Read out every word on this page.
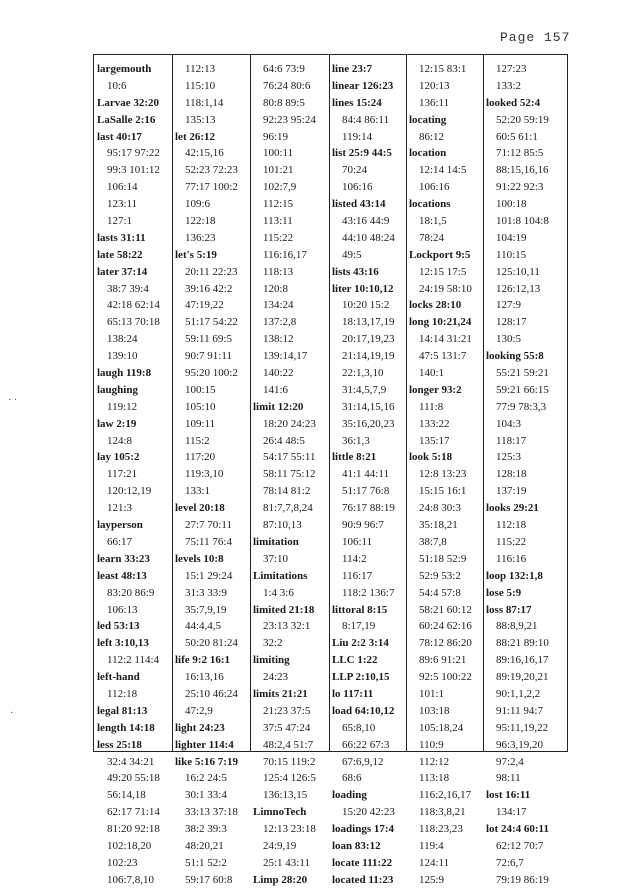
Page 157
largemouth
10:6
Larvae 32:20
LaSalle 2:16
last 40:17
95:17 97:22
99:3 101:12
106:14
123:11
127:1
lasts 31:11
late 58:22
later 37:14
38:7 39:4
42:18 62:14
65:13 70:18
138:24
139:10
laugh 119:8
laughing
119:12
law 2:19
124:8
lay 105:2
117:21
120:12,19
121:3
layperson
66:17
learn 33:23
least 48:13
83:20 86:9
106:13
led 53:13
left 3:10,13
112:2 114:4
left-hand
112:18
legal 81:13
length 14:18
less 25:18
32:4 34:21
49:20 55:18
56:14,18
62:17 71:14
81:20 92:18
102:18,20
102:23
106:7,8,10
112:13
115:10
118:1,14
135:13
let 26:12
42:15,16
52:23 72:23
77:17 100:2
109:6
122:18
136:23
let's 5:19
20:11 22:23
39:16 42:2
47:19,22
51:17 54:22
59:11 69:5
90:7 91:11
95:20 100:2
100:15
105:10
109:11
115:2
117:20
119:3,10
133:1
level 20:18
27:7 70:11
75:11 76:4
levels 10:8
15:1 29:24
31:3 33:9
35:7,9,19
44:4,4,5
50:20 81:24
life 9:2 16:1
16:13,16
25:10 46:24
47:2,9
light 24:23
lighter 114:4
like 5:16 7:19
16:2 24:5
30:1 33:4
33:13 37:18
38:2 39:3
48:20,21
51:1 52:2
59:17 60:8
64:6 73:9
76:24 80:6
80:8 89:5
92:23 95:24
96:19
100:11
101:21
102:7,9
112:15
113:11
115:22
116:16,17
118:13
120:8
134:24
137:2,8
138:12
139:14,17
140:22
141:6
limit 12:20
18:20 24:23
26:4 48:5
54:17 55:11
58:11 75:12
78:14 81:2
81:7,7,8,24
87:10,13
limitation
37:10
Limitations
1:4 3:6
limited 21:18
23:13 32:1
32:2
limiting
24:23
limits 21:21
21:23 37:5
37:5 47:24
48:2,4 51:7
70:15 119:2
125:4 126:5
136:13,15
LimnoTech
12:13 23:18
24:9,19
25:1 43:11
Limp 28:20
line 23:7
linear 126:23
lines 15:24
84:4 86:11
119:14
list 25:9 44:5
70:24
106:16
listed 43:14
43:16 44:9
44:10 48:24
49:5
lists 43:16
liter 10:10,12
10:20 15:2
18:13,17,19
20:17,19,23
21:14,19,19
22:1,3,10
31:4,5,7,9
31:14,15,16
35:16,20,23
36:1,3
little 8:21
41:1 44:11
51:17 76:8
76:17 88:19
90:9 96:7
106:11
114:2
116:17
118:2 136:7
littoral 8:15
8:17,19
Liu 2:2 3:14
LLC 1:22
LLP 2:10,15
lo 117:11
load 64:10,12
65:8,10
66:22 67:3
67:6,9,12
68:6
loading
15:20 42:23
loadings 17:4
loan 83:12
locate 111:22
located 11:23
12:15 83:1
120:13
136:11
locating
86:12
location
12:14 14:5
106:16
locations
18:1,5
78:24
Lockport 9:5
12:15 17:5
24:19 58:10
locks 28:10
long 10:21,24
14:14 31:21
47:5 131:7
140:1
longer 93:2
111:8
133:22
135:17
look 5:18
12:8 13:23
15:15 16:1
24:8 30:3
35:18,21
38:7,8
51:18 52:9
52:9 53:2
54:4 57:8
58:21 60:12
60:24 62:16
78:12 86:20
89:6 91:21
92:5 100:22
101:1
103:18
105:18,24
110:9
112:12
113:18
116:2,16,17
118:3,8,21
118:23,23
119:4
124:11
125:9
127:23
133:2
looked 52:4
52:20 59:19
60:5 61:1
71:12 85:5
88:15,16,16
91:22 92:3
100:18
101:8 104:8
104:19
110:15
125:10,11
126:12,13
127:9
128:17
130:5
looking 55:8
55:21 59:21
59:21 66:15
77:9 78:3,3
104:3
118:17
125:3
128:18
137:19
looks 29:21
112:18
115:22
116:16
loop 132:1,8
lose 5:9
loss 87:17
88:8,9,21
88:21 89:10
89:16,16,17
89:19,20,21
90:1,1,2,2
91:11 94:7
95:11,19,22
96:3,19,20
97:2,4
98:11
lost 16:11
134:17
lot 24:4 60:11
62:12 70:7
72:6,7
79:19 86:19
· ·
·
